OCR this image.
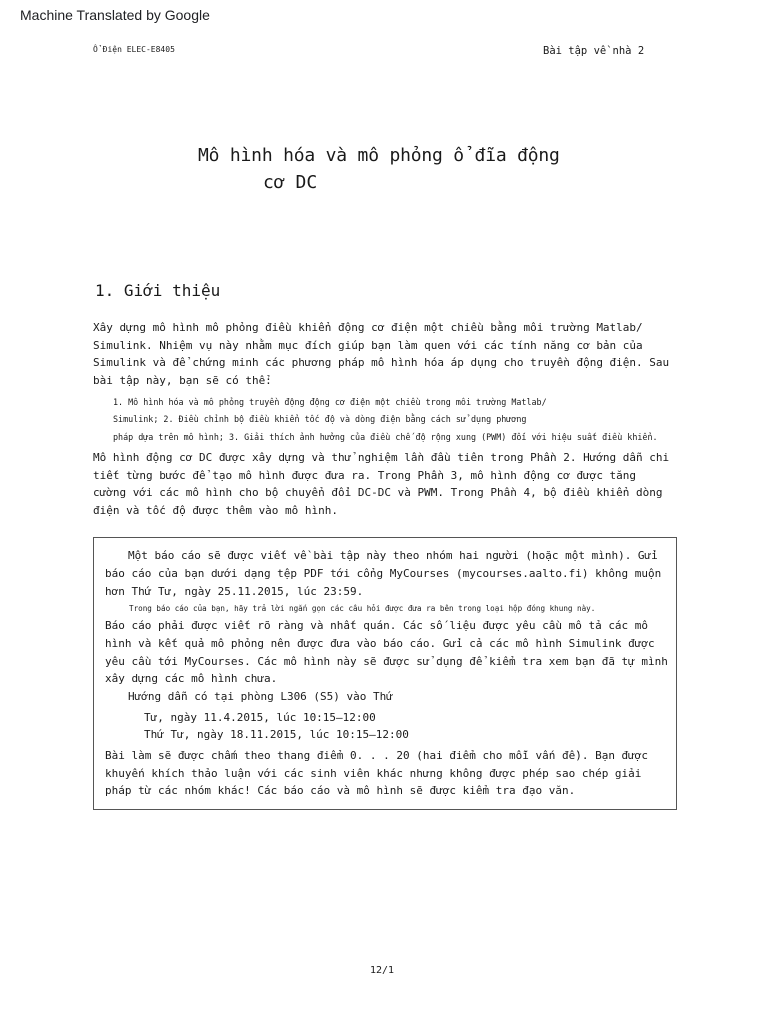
Machine Translated by Google
Ổ Điện ELEC-E8405	Bài tập về nhà 2
Mô hình hóa và mô phỏng ổ đĩa động
cơ DC
1. Giới thiệu
Xây dựng mô hình mô phỏng điều khiển động cơ điện một chiều bằng môi trường Matlab/
Simulink. Nhiệm vụ này nhằm mục đích giúp bạn làm quen với các tính năng cơ bản của
Simulink và để chứng minh các phương pháp mô hình hóa áp dụng cho truyền động điện. Sau
bài tập này, bạn sẽ có thể:
1. Mô hình hóa và mô phỏng truyền động động cơ điện một chiều trong môi trường Matlab/
Simulink; 2. Điều chỉnh bộ điều khiển tốc độ và dòng điện bằng cách sử dụng phương
pháp dựa trên mô hình; 3. Giải thích ảnh hưởng của điều chế độ rộng xung (PWM) đối với hiệu suất điều khiển.
Mô hình động cơ DC được xây dựng và thử nghiệm lần đầu tiên trong Phần 2. Hướng dẫn chi
tiết từng bước để tạo mô hình được đưa ra. Trong Phần 3, mô hình động cơ được tăng
cường với các mô hình cho bộ chuyển đổi DC-DC và PWM. Trong Phần 4, bộ điều khiển dòng
điện và tốc độ được thêm vào mô hình.
Một báo cáo sẽ được viết về bài tập này theo nhóm hai người (hoặc một mình). Gửi
báo cáo của bạn dưới dạng tệp PDF tới cổng MyCourses (mycourses.aalto.fi) không muộn
hơn Thứ Tư, ngày 25.11.2015, lúc 23:59.
Trong báo cáo của bạn, hãy trả lời ngắn gọn các câu hỏi được đưa ra bên trong loại hộp đóng khung này.
Báo cáo phải được viết rõ ràng và nhất quán. Các số liệu được yêu cầu mô tả các mô
hình và kết quả mô phỏng nên được đưa vào báo cáo. Gửi cả các mô hình Simulink được
yêu cầu tới MyCourses. Các mô hình này sẽ được sử dụng để kiểm tra xem bạn đã tự mình
xây dựng các mô hình chưa.
Hướng dẫn có tại phòng L306 (S5) vào Thứ
Tư, ngày 11.4.2015, lúc 10:15–12:00
Thứ Tư, ngày 18.11.2015, lúc 10:15–12:00
Bài làm sẽ được chấm theo thang điểm 0. . . 20 (hai điểm cho mỗi vấn đề). Bạn được
khuyến khích thảo luận với các sinh viên khác nhưng không được phép sao chép giải
pháp từ các nhóm khác! Các báo cáo và mô hình sẽ được kiểm tra đạo văn.
12/1
